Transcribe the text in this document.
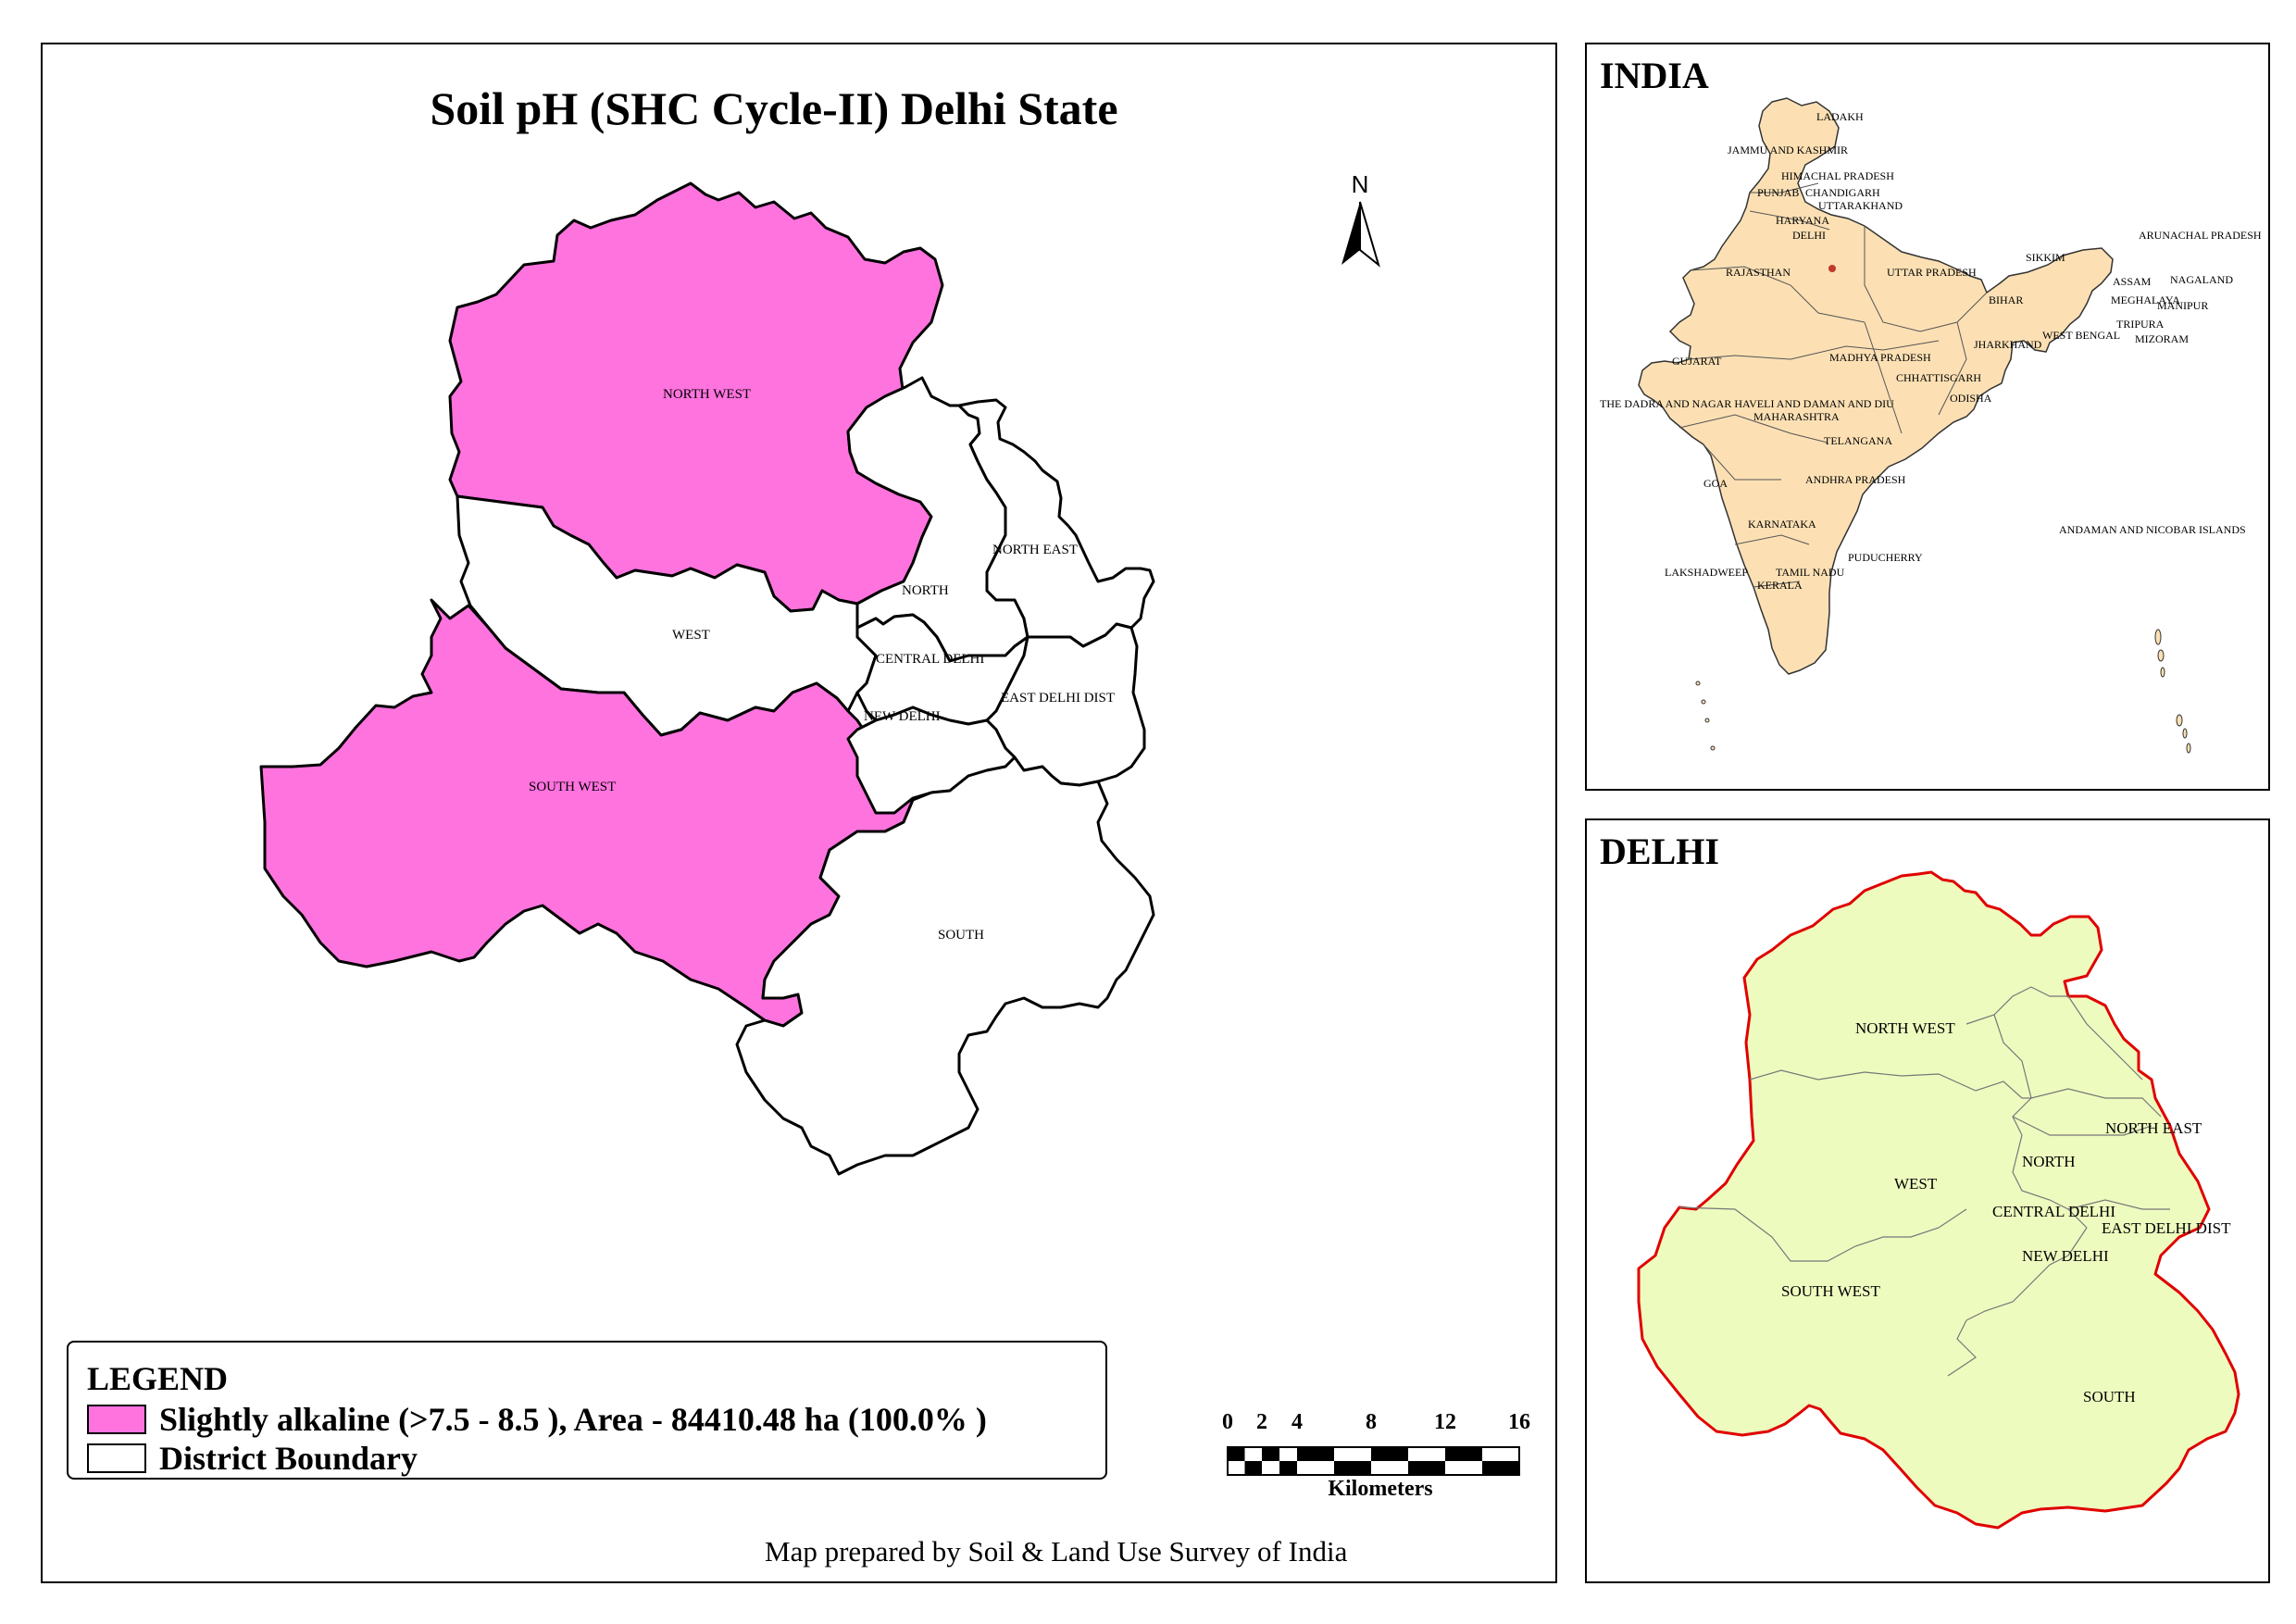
Soil pH (SHC Cycle-II) Delhi State
N
NORTH WEST
WEST
SOUTH WEST
NORTH
NORTH EAST
CENTRAL DELHI
EAST DELHI DIST
NEW DELHI
SOUTH
LEGEND
Slightly alkaline (>7.5 - 8.5 ), Area - 84410.48 ha (100.0% )
District Boundary
0 2 4	8	12 16
Kilometers
Map prepared by Soil & Land Use Survey of India
INDIA
LADAKH
JAMMU AND KASHMIR
HIMACHAL PRADESH
PUNJAB CHANDIGARH
UTTARAKHAND
HARYANA
DELHI
RAJASTHAN	UTTAR PRADESH
SIKKIM
ARUNACHAL PRADESH
ASSAM NAGALAND
MEGHALAYA
MANIPUR
BIHAR
TRIPURA
MIZORAM
WEST BENGAL
GUJARAT	MADHYA PRADESH
JHARKHAND
CHHATTISGARH
ODISHA
THE DADRA AND NAGAR HAVELI AND DAMAN AND DIU
MAHARASHTRA
TELANGANA
GOA	ANDHRA PRADESH
ANDAMAN AND NICOBAR ISLANDS
KARNATAKA
PUDUCHERRY
LAKSHADWEEP	TAMIL NADU
KERALA
DELHI
NORTH WEST
WEST
SOUTH WEST
NORTH
NORTH EAST
CENTRAL DELHI
EAST DELHI DIST
NEW DELHI
SOUTH
